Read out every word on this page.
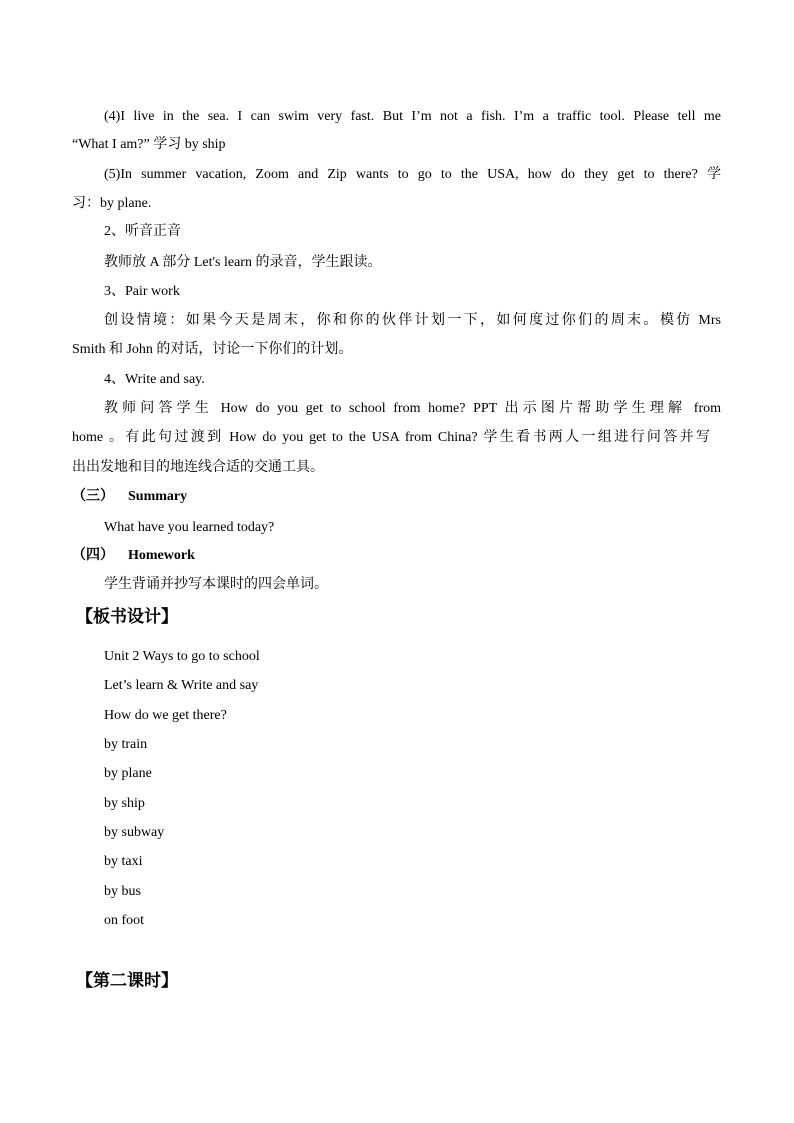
(4)I live in the sea. I can swim very fast. But I’m not a fish. I’m a traffic tool. Please tell me
“What I am?” 学习 by ship
(5)In summer vacation, Zoom and Zip wants to go to the USA, how do they get to there? 学
习：by plane.
2、听音正音
教师放 A 部分 Let's learn 的录音，学生跟读。
3、Pair work
创设情境：如果今天是周末，你和你的伙伴计划一下，如何度过你们的周末。模仿 Mrs
Smith 和 John 的对话，讨论一下你们的计划。
4、Write and say.
教师问答学生 How do you get to school from home? PPT 出示图片帮助学生理解 from
home 。有此句过渡到 How do you get to the USA from China? 学生看书两人一组进行问答并写
出出发地和目的地连线合适的交通工具。
（三） Summary
What have you learned today?
（四） Homework
学生背诵并抄写本课时的四会单词。
【板书设计】
Unit 2 Ways to go to school
Let’s learn & Write and say
How do we get there?
by train
by plane
by ship
by subway
by taxi
by bus
on foot
【第二课时】
